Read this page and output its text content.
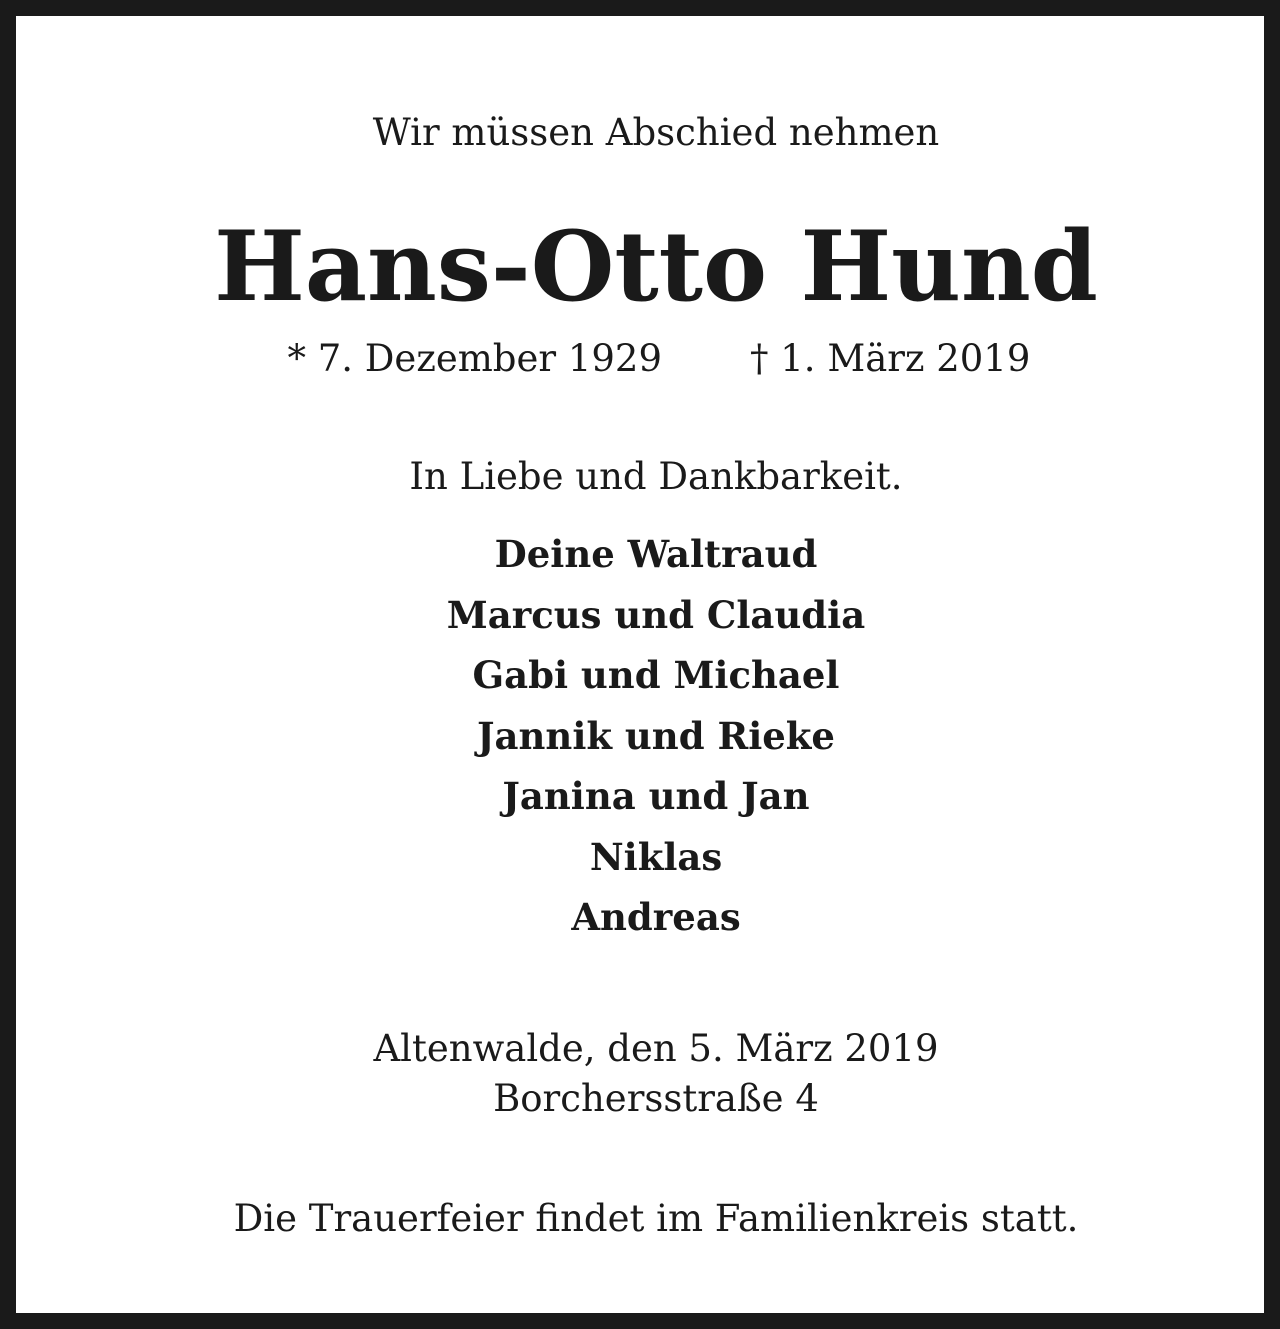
Wir müssen Abschied nehmen
Hans-Otto Hund
* 7. Dezember 1929 † 1. März 2019
In Liebe und Dankbarkeit.
Deine Waltraud
Marcus und Claudia
Gabi und Michael
Jannik und Rieke
Janina und Jan
Niklas
Andreas
Altenwalde, den 5. März 2019
Borchersstraße 4
Die Trauerfeier findet im Familienkreis statt.
